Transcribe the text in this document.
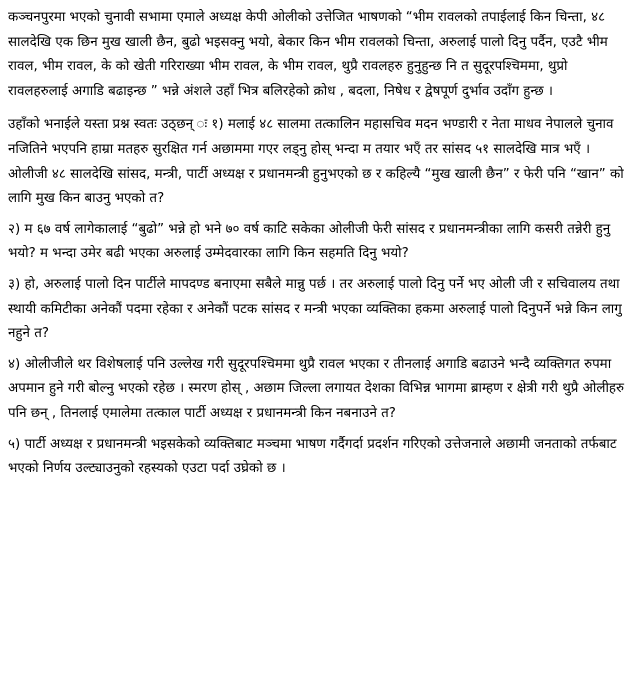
कञ्चनपुरमा भएको चुनावी सभामा एमाले अध्यक्ष केपी ओलीको उत्तेजित भाषणको “भीम रावलको तपाईलाई किन चिन्ता, ४८ सालदेखि एक छिन मुख खाली छैन, बुढो भइसक्नु भयो, बेकार किन भीम रावलको चिन्ता, अरुलाई पालो दिनु पर्दैन, एउटै भीम रावल, भीम रावल, के को खेती गरिराख्या भीम रावल, के भीम रावल, थुप्रै रावलहरु हुनुहुन्छ नि त सुदूरपश्चिममा, थुप्रो रावलहरुलाई अगाडि बढाइन्छ ” भन्ने अंशले उहाँ भित्र बलिरहेको क्रोध , बदला, निषेध र द्वेषपूर्ण दुर्भाव उदाँग हुन्छ ।

उहाँको भनाईले यस्ता प्रश्न स्वतः उठ्छन् ः १) मलाई ४८ सालमा तत्कालिन महासचिव मदन भण्डारी र नेता माधव नेपालले चुनाव नजितिने भएपनि हाम्रा मतहरु सुरक्षित गर्न अछाममा गएर लड्नु होस् भन्दा म तयार भएँ तर सांसद ५१ सालदेखि मात्र भएँ । ओलीजी ४८ सालदेखि सांसद, मन्त्री, पार्टी अध्यक्ष र प्रधानमन्त्री हुनुभएको छ र कहिल्यै “मुख खाली छैन” र फेरी पनि “खान” को लागि मुख किन बाउनु भएको त?

२) म ६७ वर्ष लागेकालाई “बुढो” भन्ने हो भने ७० वर्ष काटि सकेका ओलीजी फेरी सांसद र प्रधानमन्त्रीका लागि कसरी तन्नेरी हुनु भयो? म भन्दा उमेर बढी भएका अरुलाई उम्मेदवारका लागि किन सहमति दिनु भयो?

३) हो, अरुलाई पालो दिन पार्टीले मापदण्ड बनाएमा सबैले मान्नु पर्छ । तर अरुलाई पालो दिनु पर्ने भए ओली जी र सचिवालय तथा स्थायी कमिटीका अनेकौं पदमा रहेका र अनेकौं पटक सांसद र मन्त्री भएका व्यक्तिका हकमा अरुलाई पालो दिनुपर्ने भन्ने किन लागु नहुने त?

४) ओलीजीले थर विशेषलाई पनि उल्लेख गरी सुदूरपश्चिममा थुप्रै रावल भएका र तीनलाई अगाडि बढाउने भन्दै व्यक्तिगत रुपमा अपमान हुने गरी बोल्नु भएको रहेछ । स्मरण होस् , अछाम जिल्ला लगायत देशका विभिन्न भागमा ब्राम्हण र क्षेत्री गरी थुप्रै ओलीहरु पनि छन् , तिनलाई एमालेमा तत्काल पार्टी अध्यक्ष र प्रधानमन्त्री किन नबनाउने त?

५) पार्टी अध्यक्ष र प्रधानमन्त्री भइसकेको व्यक्तिबाट मञ्चमा भाषण गर्दैगर्दा प्रदर्शन गरिएको उत्तेजनाले अछामी जनताको तर्फबाट भएको निर्णय उल्ट्याउनुको रहस्यको एउटा पर्दा उघ्रेको छ ।
